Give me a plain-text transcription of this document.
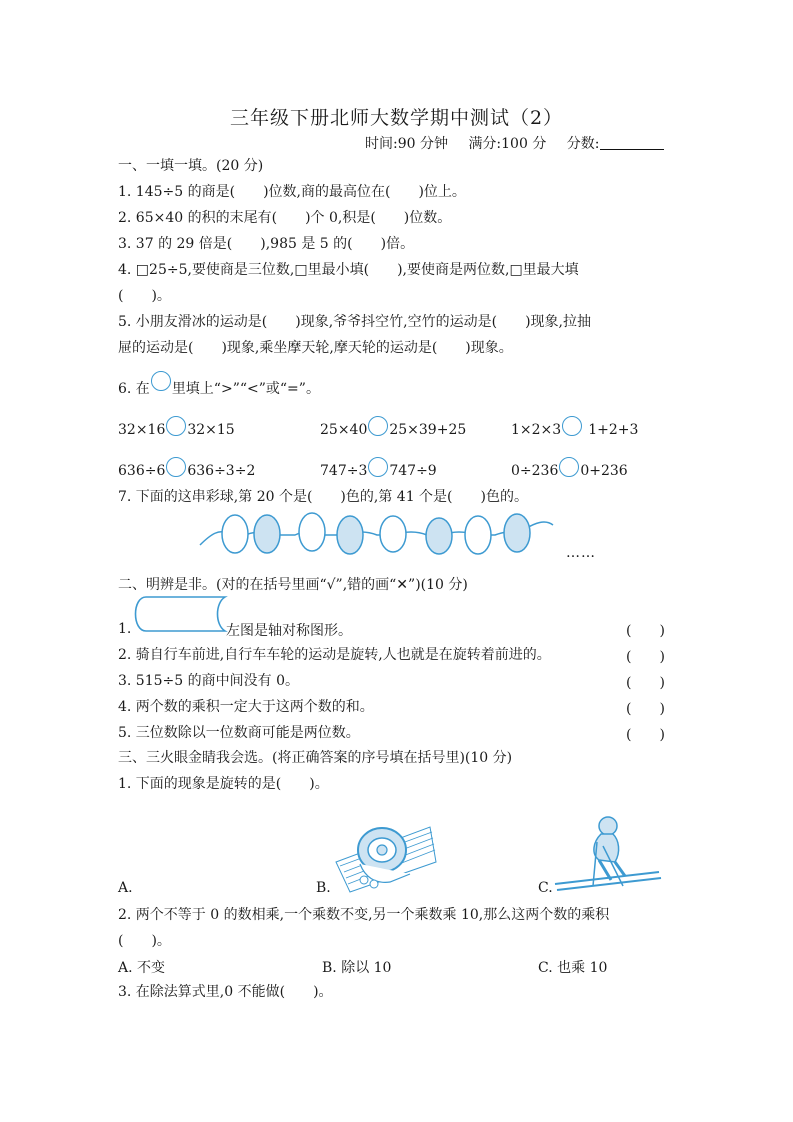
三年级下册北师大数学期中测试（2）
时间:90 分钟 满分:100 分 分数:
一、一填一填。(20 分)
1. 145÷5 的商是(　　)位数,商的最高位在(　　)位上。
2. 65×40 的积的末尾有(　　)个 0,积是(　　)位数。
3. 37 的 29 倍是(　　),985 是 5 的(　　)倍。
4. □25÷5,要使商是三位数,□里最小填(　　),要使商是两位数,□里最大填
(　　)。
5. 小朋友滑冰的运动是(　　)现象,爷爷抖空竹,空竹的运动是(　　)现象,拉抽
屉的运动是(　　)现象,乘坐摩天轮,摩天轮的运动是(　　)现象。
6. 在 里填上“>”“<”或“=”。
32×16 32×15	25×40 25×39+25	1×2×3 1+2+3
636÷6 636÷3÷2	747÷3 747÷9	0÷236 0+236
7. 下面的这串彩球,第 20 个是(　　)色的,第 41 个是(　　)色的。
……
二、明辨是非。(对的在括号里画“√”,错的画“✕”)(10 分)
1.	左图是轴对称图形。	(　　)
2. 骑自行车前进,自行车车轮的运动是旋转,人也就是在旋转着前进的。	(　　)
3. 515÷5 的商中间没有 0。	(　　)
4. 两个数的乘积一定大于这两个数的和。	(　　)
5. 三位数除以一位数商可能是两位数。	(　　)
三、三火眼金睛我会选。(将正确答案的序号填在括号里)(10 分)
1. 下面的现象是旋转的是(　　)。
A.	B.	C.
2. 两个不等于 0 的数相乘,一个乘数不变,另一个乘数乘 10,那么这两个数的乘积
(　　)。
A. 不变	B. 除以 10	C. 也乘 10
3. 在除法算式里,0 不能做(　　)。
